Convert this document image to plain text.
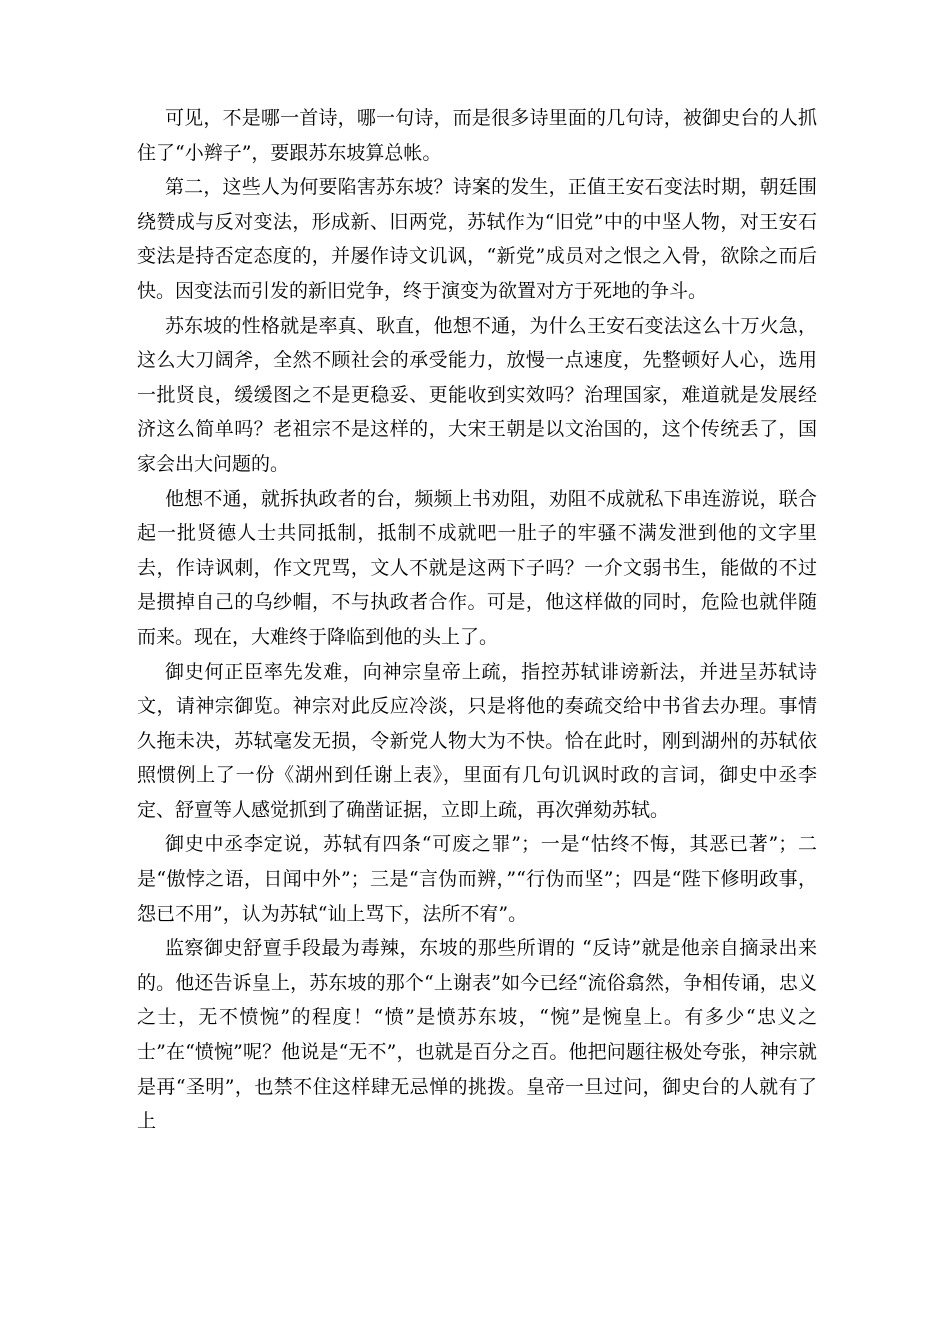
可见，不是哪一首诗，哪一句诗，而是很多诗里面的几句诗，被御史台的人抓住了“小辫子”，要跟苏东坡算总帐。

第二，这些人为何要陷害苏东坡？诗案的发生，正值王安石变法时期，朝廷围绕赞成与反对变法，形成新、旧两党，苏轼作为“旧党”中的中坚人物，对王安石变法是持否定态度的，并屡作诗文讥讽，“新党”成员对之恨之入骨，欲除之而后快。因变法而引发的新旧党争，终于演变为欲置对方于死地的争斗。

苏东坡的性格就是率真、耿直，他想不通，为什么王安石变法这么十万火急，这么大刀阔斧，全然不顾社会的承受能力，放慢一点速度，先整顿好人心，选用一批贤良，缓缓图之不是更稳妥、更能收到实效吗？治理国家，难道就是发展经济这么简单吗？老祖宗不是这样的，大宋王朝是以文治国的，这个传统丢了，国家会出大问题的。

他想不通，就拆执政者的台，频频上书劝阻，劝阻不成就私下串连游说，联合起一批贤德人士共同抵制，抵制不成就吧一肚子的牢骚不满发泄到他的文字里去，作诗讽刺，作文咒骂，文人不就是这两下子吗？一介文弱书生，能做的不过是掼掉自己的乌纱帽，不与执政者合作。可是，他这样做的同时，危险也就伴随而来。现在，大难终于降临到他的头上了。

御史何正臣率先发难，向神宗皇帝上疏，指控苏轼诽谤新法，并进呈苏轼诗文，请神宗御览。神宗对此反应冷淡，只是将他的奏疏交给中书省去办理。事情久拖未决，苏轼毫发无损，令新党人物大为不快。恰在此时，刚到湖州的苏轼依照惯例上了一份《湖州到任谢上表》，里面有几句讥讽时政的言词，御史中丞李定、舒亶等人感觉抓到了确凿证据，立即上疏，再次弹劾苏轼。

御史中丞李定说，苏轼有四条“可废之罪”；一是“怙终不悔，其恶已著”；二是“傲悖之语，日闻中外”；三是“言伪而辨，”“行伪而坚”；四是“陛下修明政事，怨已不用”，认为苏轼“讪上骂下，法所不宥”。

监察御史舒亶手段最为毒辣，东坡的那些所谓的 “反诗”就是他亲自摘录出来的。他还告诉皇上，苏东坡的那个“上谢表”如今已经“流俗翕然，争相传诵，忠义之士，无不愤惋”的程度！“愤”是愤苏东坡，“惋”是惋皇上。有多少“忠义之士”在“愤惋”呢？他说是“无不”，也就是百分之百。他把问题往极处夸张，神宗就是再“圣明”，也禁不住这样肆无忌惮的挑拨。皇帝一旦过问，御史台的人就有了上
